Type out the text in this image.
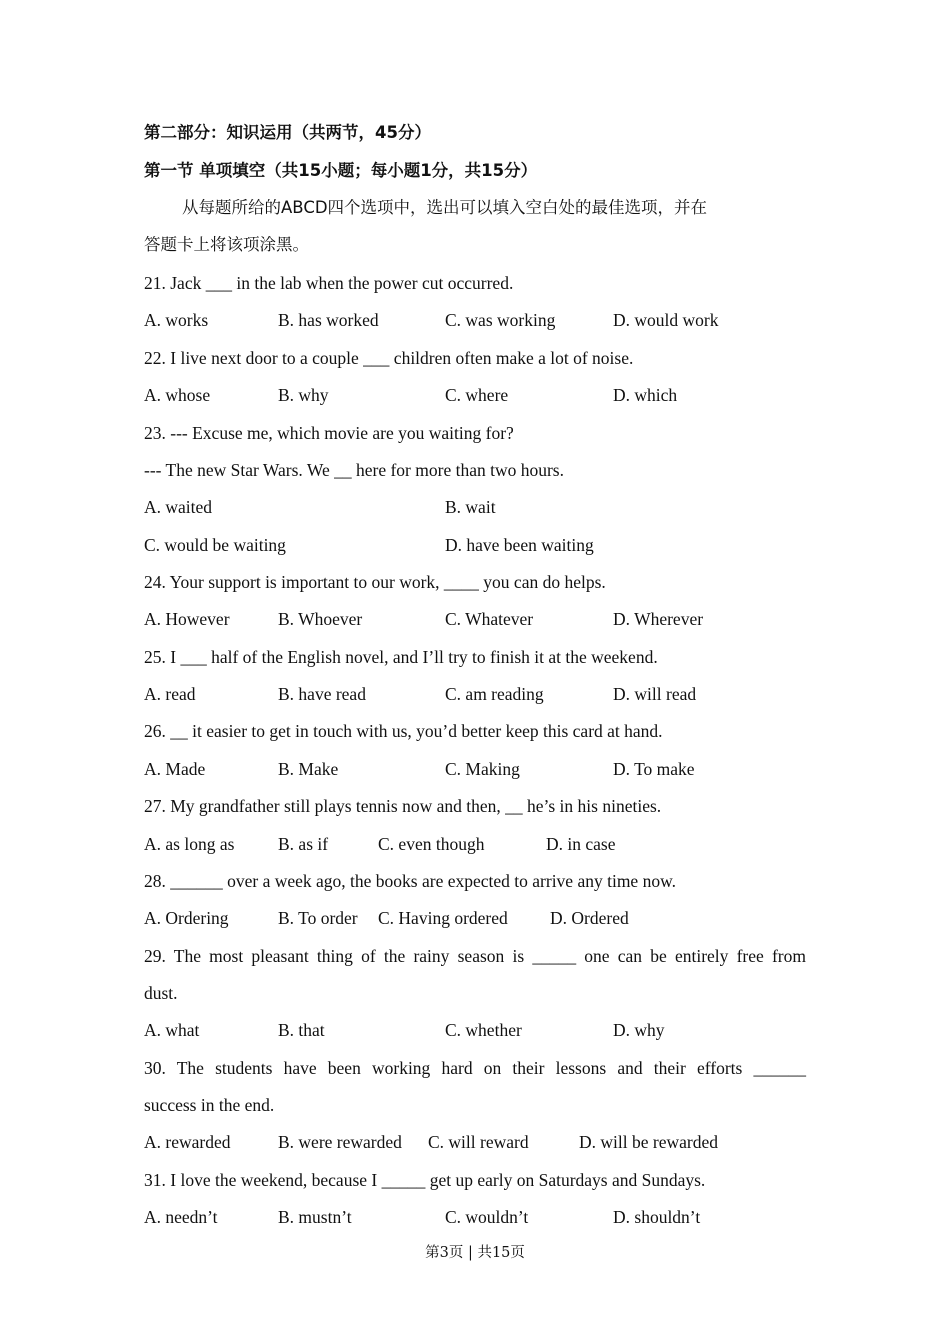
第二部分：知识运用（共两节，45分）
第一节 单项填空（共15小题；每小题1分，共15分）
从每题所给的ABCD四个选项中，选出可以填入空白处的最佳选项，并在
答题卡上将该项涂黑。
21. Jack ___ in the lab when the power cut occurred.
A. works	B. has worked	C. was working	D. would work
22. I live next door to a couple ___ children often make a lot of noise.
A. whose	B. why	C. where	D. which
23. --- Excuse me, which movie are you waiting for?
--- The new Star Wars. We __ here for more than two hours.
A. waited	B. wait
C. would be waiting	D. have been waiting
24. Your support is important to our work, ____ you can do helps.
A. However	B. Whoever	C. Whatever	D. Wherever
25. I ___ half of the English novel, and I’ll try to finish it at the weekend.
A. read	B. have read	C. am reading	D. will read
26. __ it easier to get in touch with us, you’d better keep this card at hand.
A. Made	B. Make	C. Making	D. To make
27. My grandfather still plays tennis now and then, __ he’s in his nineties.
A. as long as B. as if	C. even though	D. in case
28. ______ over a week ago, the books are expected to arrive any time now.
A. Ordering	B. To order C. Having ordered D. Ordered
29. The most pleasant thing of the rainy season is _____ one can be entirely free from
dust.
A. what	B. that	C. whether	D. why
30. The students have been working hard on their lessons and their efforts ______
success in the end.
A. rewarded	B. were rewarded C. will reward	D. will be rewarded
31. I love the weekend, because I _____ get up early on Saturdays and Sundays.
A. needn’t	B. mustn’t	C. wouldn’t	D. shouldn’t
第3页 | 共15页
